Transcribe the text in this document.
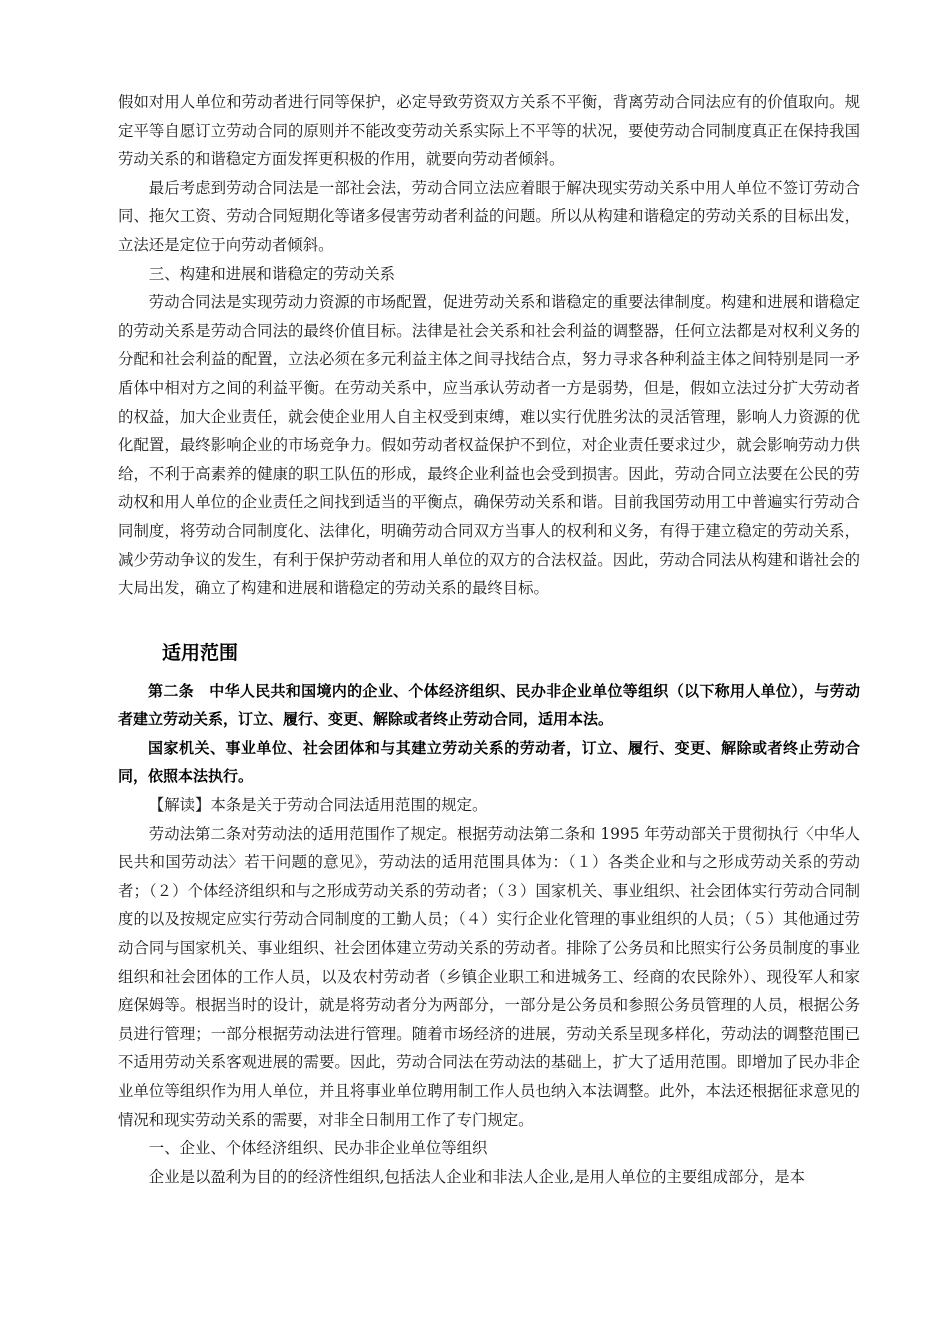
假如对用人单位和劳动者进行同等保护，必定导致劳资双方关系不平衡，背离劳动合同法应有的价值取向。规定平等自愿订立劳动合同的原则并不能改变劳动关系实际上不平等的状况，要使劳动合同制度真正在保持我国劳动关系的和谐稳定方面发挥更积极的作用，就要向劳动者倾斜。

最后考虑到劳动合同法是一部社会法，劳动合同立法应着眼于解决现实劳动关系中用人单位不签订劳动合同、拖欠工资、劳动合同短期化等诸多侵害劳动者利益的问题。所以从构建和谐稳定的劳动关系的目标出发，立法还是定位于向劳动者倾斜。

三、构建和进展和谐稳定的劳动关系

劳动合同法是实现劳动力资源的市场配置，促进劳动关系和谐稳定的重要法律制度。构建和进展和谐稳定的劳动关系是劳动合同法的最终价值目标。法律是社会关系和社会利益的调整器，任何立法都是对权利义务的分配和社会利益的配置，立法必须在多元利益主体之间寻找结合点，努力寻求各种利益主体之间特别是同一矛盾体中相对方之间的利益平衡。在劳动关系中，应当承认劳动者一方是弱势，但是，假如立法过分扩大劳动者的权益，加大企业责任，就会使企业用人自主权受到束缚，难以实行优胜劣汰的灵活管理，影响人力资源的优化配置，最终影响企业的市场竞争力。假如劳动者权益保护不到位，对企业责任要求过少，就会影响劳动力供给，不利于高素养的健康的职工队伍的形成，最终企业利益也会受到损害。因此，劳动合同立法要在公民的劳动权和用人单位的企业责任之间找到适当的平衡点，确保劳动关系和谐。目前我国劳动用工中普遍实行劳动合同制度，将劳动合同制度化、法律化，明确劳动合同双方当事人的权利和义务，有得于建立稳定的劳动关系，减少劳动争议的发生，有利于保护劳动者和用人单位的双方的合法权益。因此，劳动合同法从构建和谐社会的大局出发，确立了构建和进展和谐稳定的劳动关系的最终目标。

适用范围

第二条　中华人民共和国境内的企业、个体经济组织、民办非企业单位等组织（以下称用人单位），与劳动者建立劳动关系，订立、履行、变更、解除或者终止劳动合同，适用本法。

国家机关、事业单位、社会团体和与其建立劳动关系的劳动者，订立、履行、变更、解除或者终止劳动合同，依照本法执行。

【解读】本条是关于劳动合同法适用范围的规定。

劳动法第二条对劳动法的适用范围作了规定。根据劳动法第二条和 1995 年劳动部关于贯彻执行〈中华人民共和国劳动法〉若干问题的意见》，劳动法的适用范围具体为：（１）各类企业和与之形成劳动关系的劳动者；（２）个体经济组织和与之形成劳动关系的劳动者；（３）国家机关、事业组织、社会团体实行劳动合同制度的以及按规定应实行劳动合同制度的工勤人员；（４）实行企业化管理的事业组织的人员；（５）其他通过劳动合同与国家机关、事业组织、社会团体建立劳动关系的劳动者。排除了公务员和比照实行公务员制度的事业组织和社会团体的工作人员，以及农村劳动者（乡镇企业职工和进城务工、经商的农民除外）、现役军人和家庭保姆等。根据当时的设计，就是将劳动者分为两部分，一部分是公务员和参照公务员管理的人员，根据公务员进行管理；一部分根据劳动法进行管理。随着市场经济的进展，劳动关系呈现多样化，劳动法的调整范围已不适用劳动关系客观进展的需要。因此，劳动合同法在劳动法的基础上，扩大了适用范围。即增加了民办非企业单位等组织作为用人单位，并且将事业单位聘用制工作人员也纳入本法调整。此外，本法还根据征求意见的情况和现实劳动关系的需要，对非全日制用工作了专门规定。

一、企业、个体经济组织、民办非企业单位等组织

企业是以盈利为目的的经济性组织,包括法人企业和非法人企业,是用人单位的主要组成部分，是本
